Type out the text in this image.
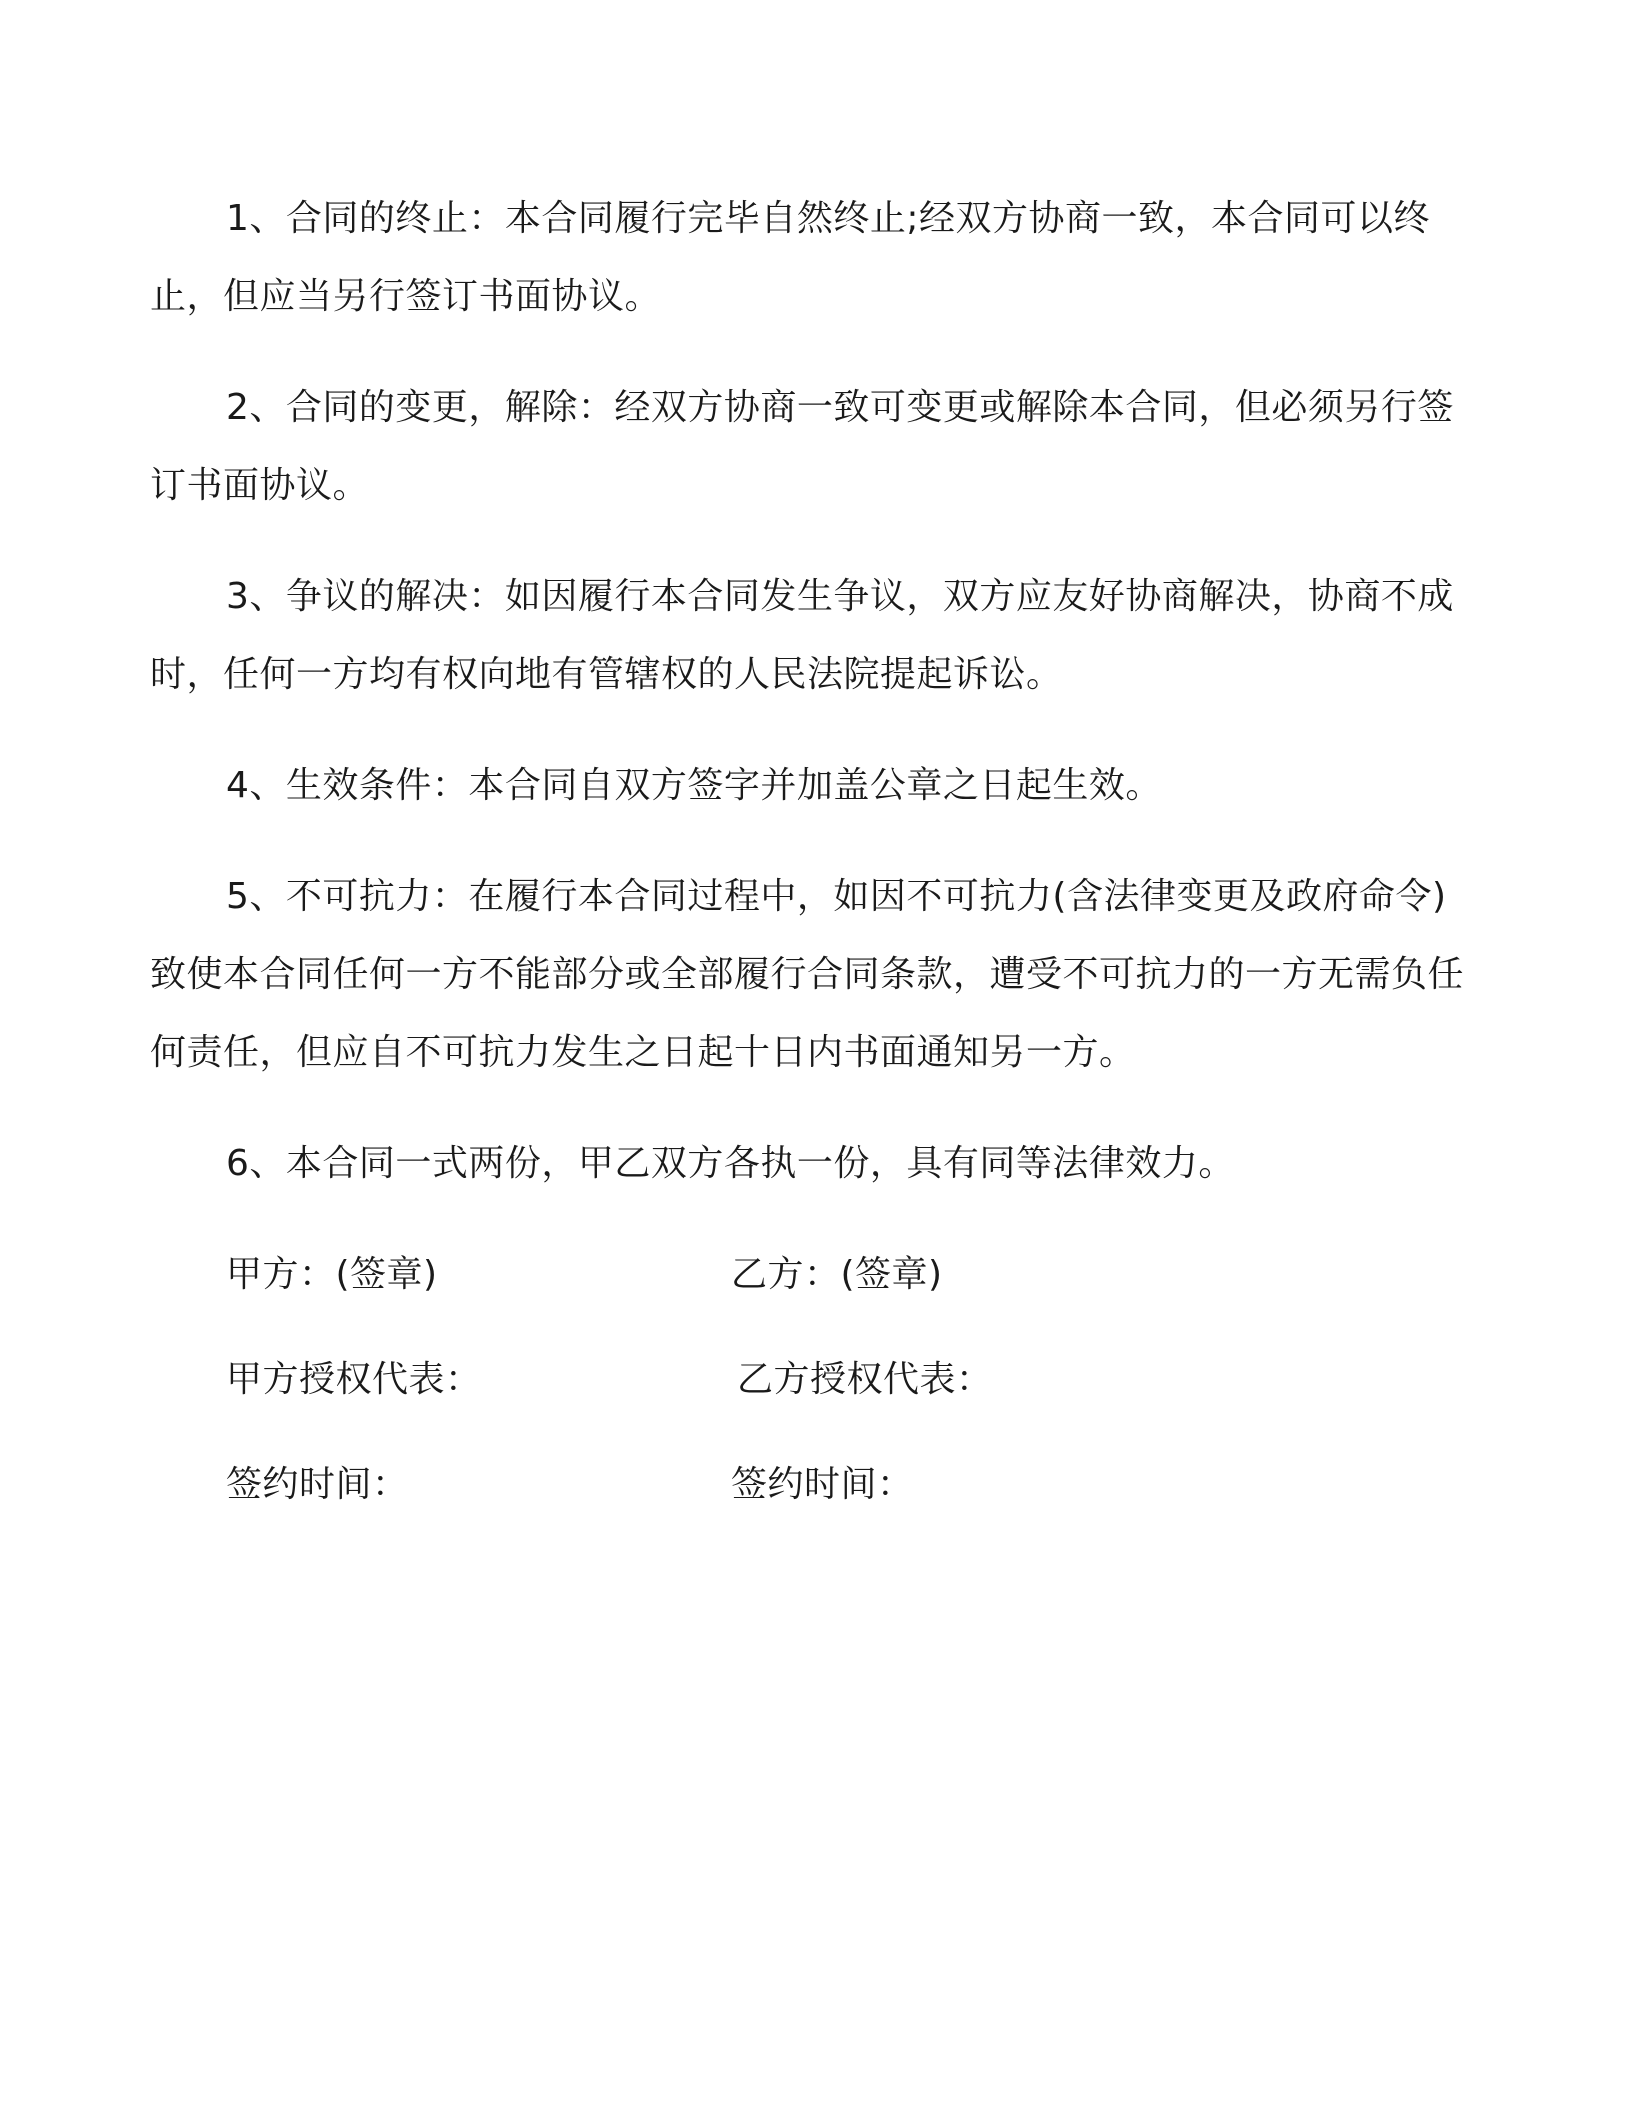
1、合同的终止：本合同履行完毕自然终止;经双方协商一致，本合同可以终止，但应当另行签订书面协议。

2、合同的变更，解除：经双方协商一致可变更或解除本合同，但必须另行签订书面协议。

3、争议的解决：如因履行本合同发生争议，双方应友好协商解决，协商不成时，任何一方均有权向地有管辖权的人民法院提起诉讼。

4、生效条件：本合同自双方签字并加盖公章之日起生效。

5、不可抗力：在履行本合同过程中，如因不可抗力(含法律变更及政府命令)致使本合同任何一方不能部分或全部履行合同条款，遭受不可抗力的一方无需负任何责任，但应自不可抗力发生之日起十日内书面通知另一方。

6、本合同一式两份，甲乙双方各执一份，具有同等法律效力。

甲方：(签章)	乙方：(签章)
甲方授权代表：	乙方授权代表：
签约时间：	签约时间：
